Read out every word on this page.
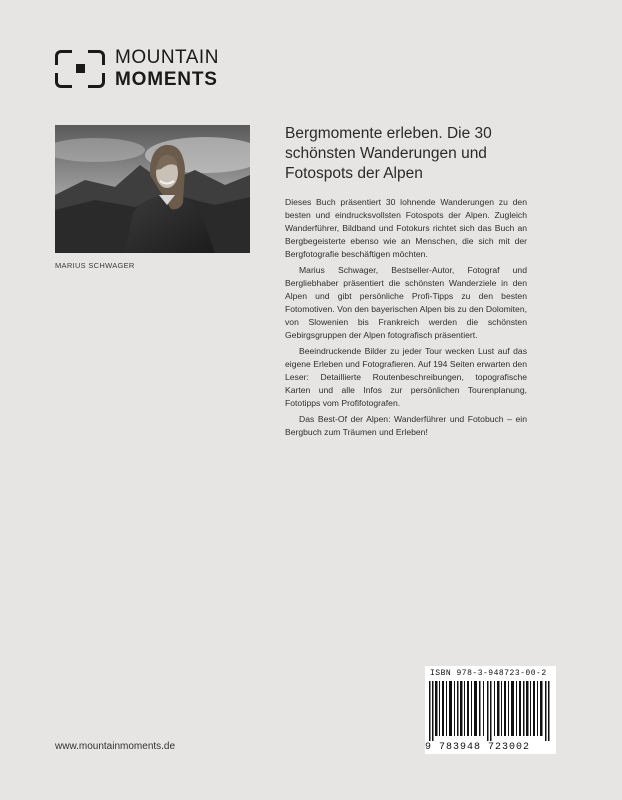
MOUNTAIN
MOMENTS
MARIUS SCHWAGER
Bergmomente erleben. Die 30 schönsten Wanderungen und Fotospots der Alpen

Dieses Buch präsentiert 30 lohnende Wanderungen zu den besten und eindrucksvollsten Fotospots der Alpen. Zugleich Wanderführer, Bildband und Fotokurs richtet sich das Buch an Bergbegeisterte ebenso wie an Menschen, die sich mit der Bergfotografie beschäftigen möchten.

Marius Schwager, Bestseller-Autor, Fotograf und Bergliebhaber präsentiert die schönsten Wanderziele in den Alpen und gibt persönliche Profi-Tipps zu den besten Fotomotiven. Von den bayerischen Alpen bis zu den Dolomiten, von Slowenien bis Frankreich werden die schönsten Gebirgsgruppen der Alpen fotografisch präsentiert.

Beeindruckende Bilder zu jeder Tour wecken Lust auf das eigene Erleben und Fotografieren. Auf 194 Seiten erwarten den Leser: Detaillierte Routenbeschreibungen, topografische Karten und alle Infos zur persönlichen Tourenplanung, Fototipps vom Profifotografen.

Das Best-Of der Alpen: Wanderführer und Fotobuch – ein Bergbuch zum Träumen und Erleben!

www.mountainmoments.de
ISBN 978-3-948723-00-2
9 783948 723002
